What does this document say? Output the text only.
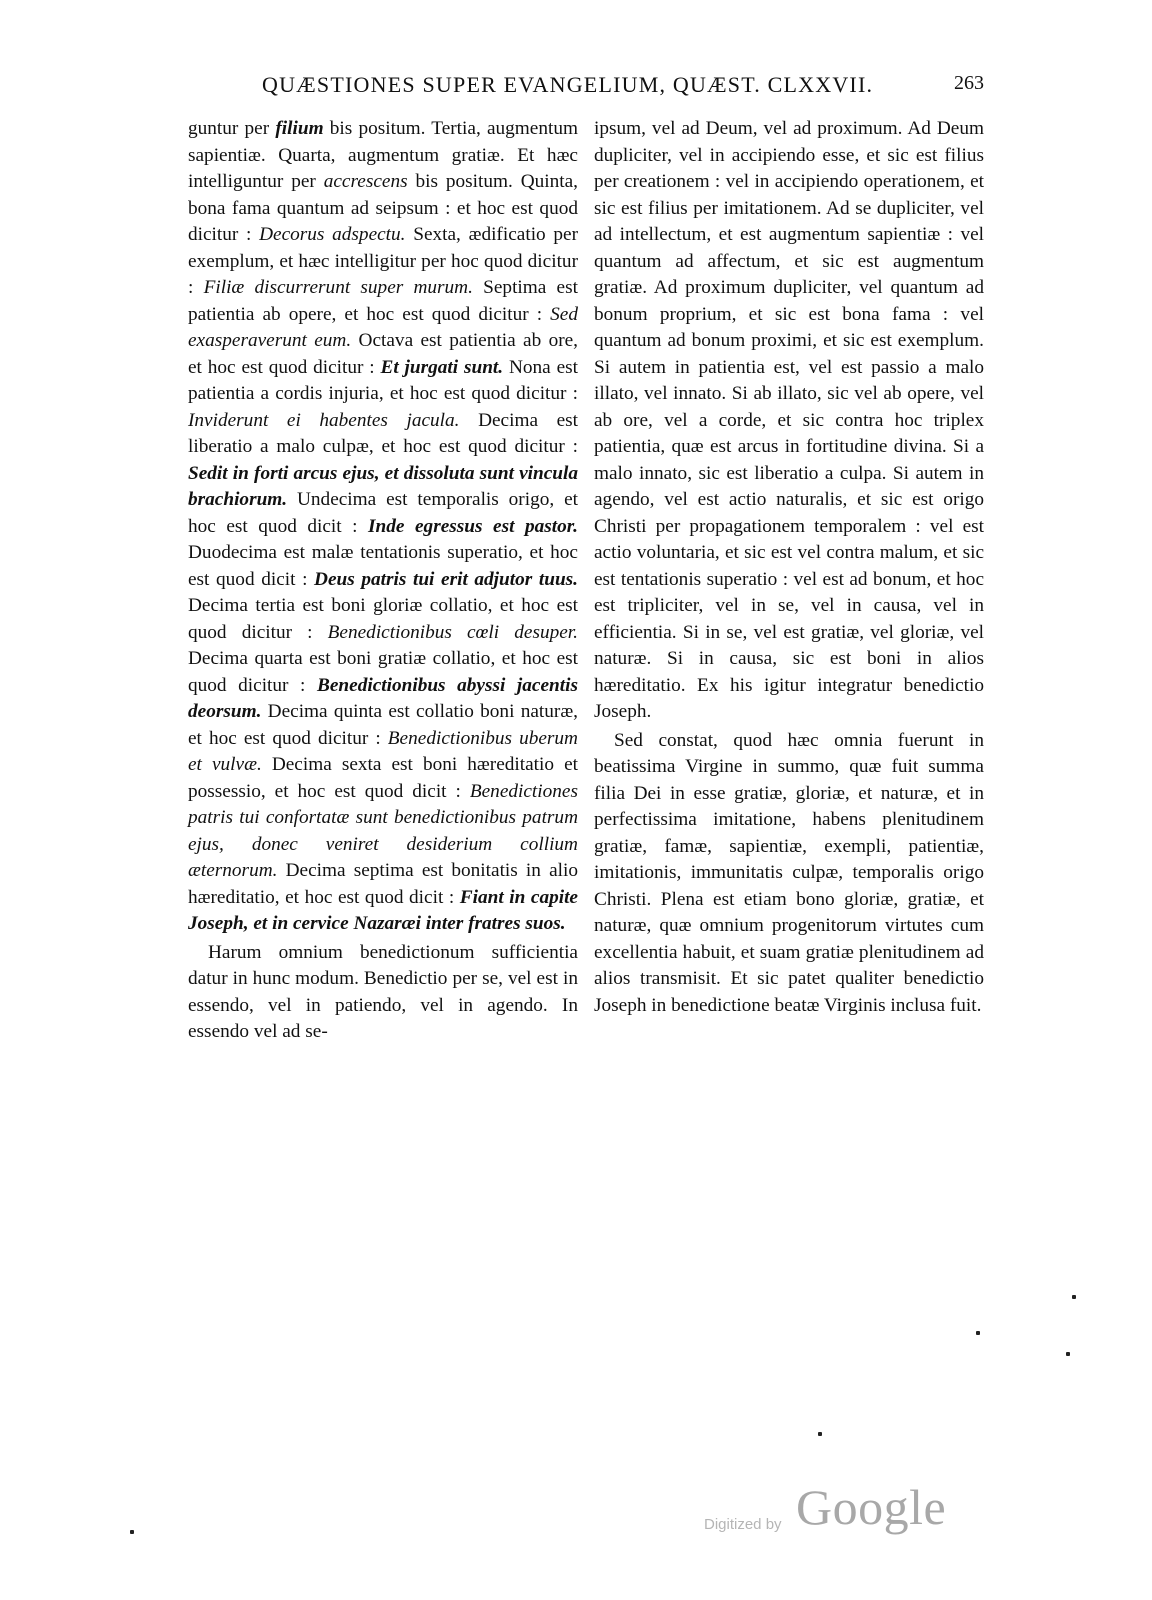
QUÆSTIONES SUPER EVANGELIUM, QUÆST. CLXXVII.	263

guntur per filium bis positum. Tertia, augmentum sapientiæ. Quarta, augmentum gratiæ. Et hæc intelliguntur per accrescens bis positum. Quinta, bona fama quantum ad seipsum : et hoc est quod dicitur : Decorus adspectu. Sexta, ædificatio per exemplum, et hæc intelligitur per hoc quod dicitur : Filiæ discurrerunt super murum. Septima est patientia ab opere, et hoc est quod dicitur : Sed exasperaverunt eum. Octava est patientia ab ore, et hoc est quod dicitur : Et jurgati sunt. Nona est patientia a cordis injuria, et hoc est quod dicitur : Inviderunt ei habentes jacula. Decima est liberatio a malo culpæ, et hoc est quod dicitur : Sedit in forti arcus ejus, et dissoluta sunt vincula brachiorum. Undecima est temporalis origo, et hoc est quod dicit : Inde egressus est pastor. Duodecima est malæ tentationis superatio, et hoc est quod dicit : Deus patris tui erit adjutor tuus. Decima tertia est boni gloriæ collatio, et hoc est quod dicitur : Benedictionibus cœli desuper. Decima quarta est boni gratiæ collatio, et hoc est quod dicitur : Benedictionibus abyssi jacentis deorsum. Decima quinta est collatio boni naturæ, et hoc est quod dicitur : Benedictionibus uberum et vulvæ. Decima sexta est boni hæreditatio et possessio, et hoc est quod dicit : Benedictiones patris tui confortatæ sunt benedictionibus patrum ejus, donec veniret desiderium collium æternorum. Decima septima est bonitatis in alio hæreditatio, et hoc est quod dicit : Fiant in capite Joseph, et in cervice Nazaræi inter fratres suos.

Harum omnium benedictionum sufficientia datur in hunc modum. Benedictio per se, vel est in essendo, vel in patiendo, vel in agendo. In essendo vel ad se-

ipsum, vel ad Deum, vel ad proximum. Ad Deum dupliciter, vel in accipiendo esse, et sic est filius per creationem : vel in accipiendo operationem, et sic est filius per imitationem. Ad se dupliciter, vel ad intellectum, et est augmentum sapientiæ : vel quantum ad affectum, et sic est augmentum gratiæ. Ad proximum dupliciter, vel quantum ad bonum proprium, et sic est bona fama : vel quantum ad bonum proximi, et sic est exemplum. Si autem in patientia est, vel est passio a malo illato, vel innato. Si ab illato, sic vel ab opere, vel ab ore, vel a corde, et sic contra hoc triplex patientia, quæ est arcus in fortitudine divina. Si a malo innato, sic est liberatio a culpa. Si autem in agendo, vel est actio naturalis, et sic est origo Christi per propagationem temporalem : vel est actio voluntaria, et sic est vel contra malum, et sic est tentationis superatio : vel est ad bonum, et hoc est tripliciter, vel in se, vel in causa, vel in efficientia. Si in se, vel est gratiæ, vel gloriæ, vel naturæ. Si in causa, sic est boni in alios hæreditatio. Ex his igitur integratur benedictio Joseph.

Sed constat, quod hæc omnia fuerunt in beatissima Virgine in summo, quæ fuit summa filia Dei in esse gratiæ, gloriæ, et naturæ, et in perfectissima imitatione, habens plenitudinem gratiæ, famæ, sapientiæ, exempli, patientiæ, imitationis, immunitatis culpæ, temporalis origo Christi. Plena est etiam bono gloriæ, gratiæ, et naturæ, quæ omnium progenitorum virtutes cum excellentia habuit, et suam gratiæ plenitudinem ad alios transmisit. Et sic patet qualiter benedictio Joseph in benedictione beatæ Virginis inclusa fuit.

Digitized by Google
